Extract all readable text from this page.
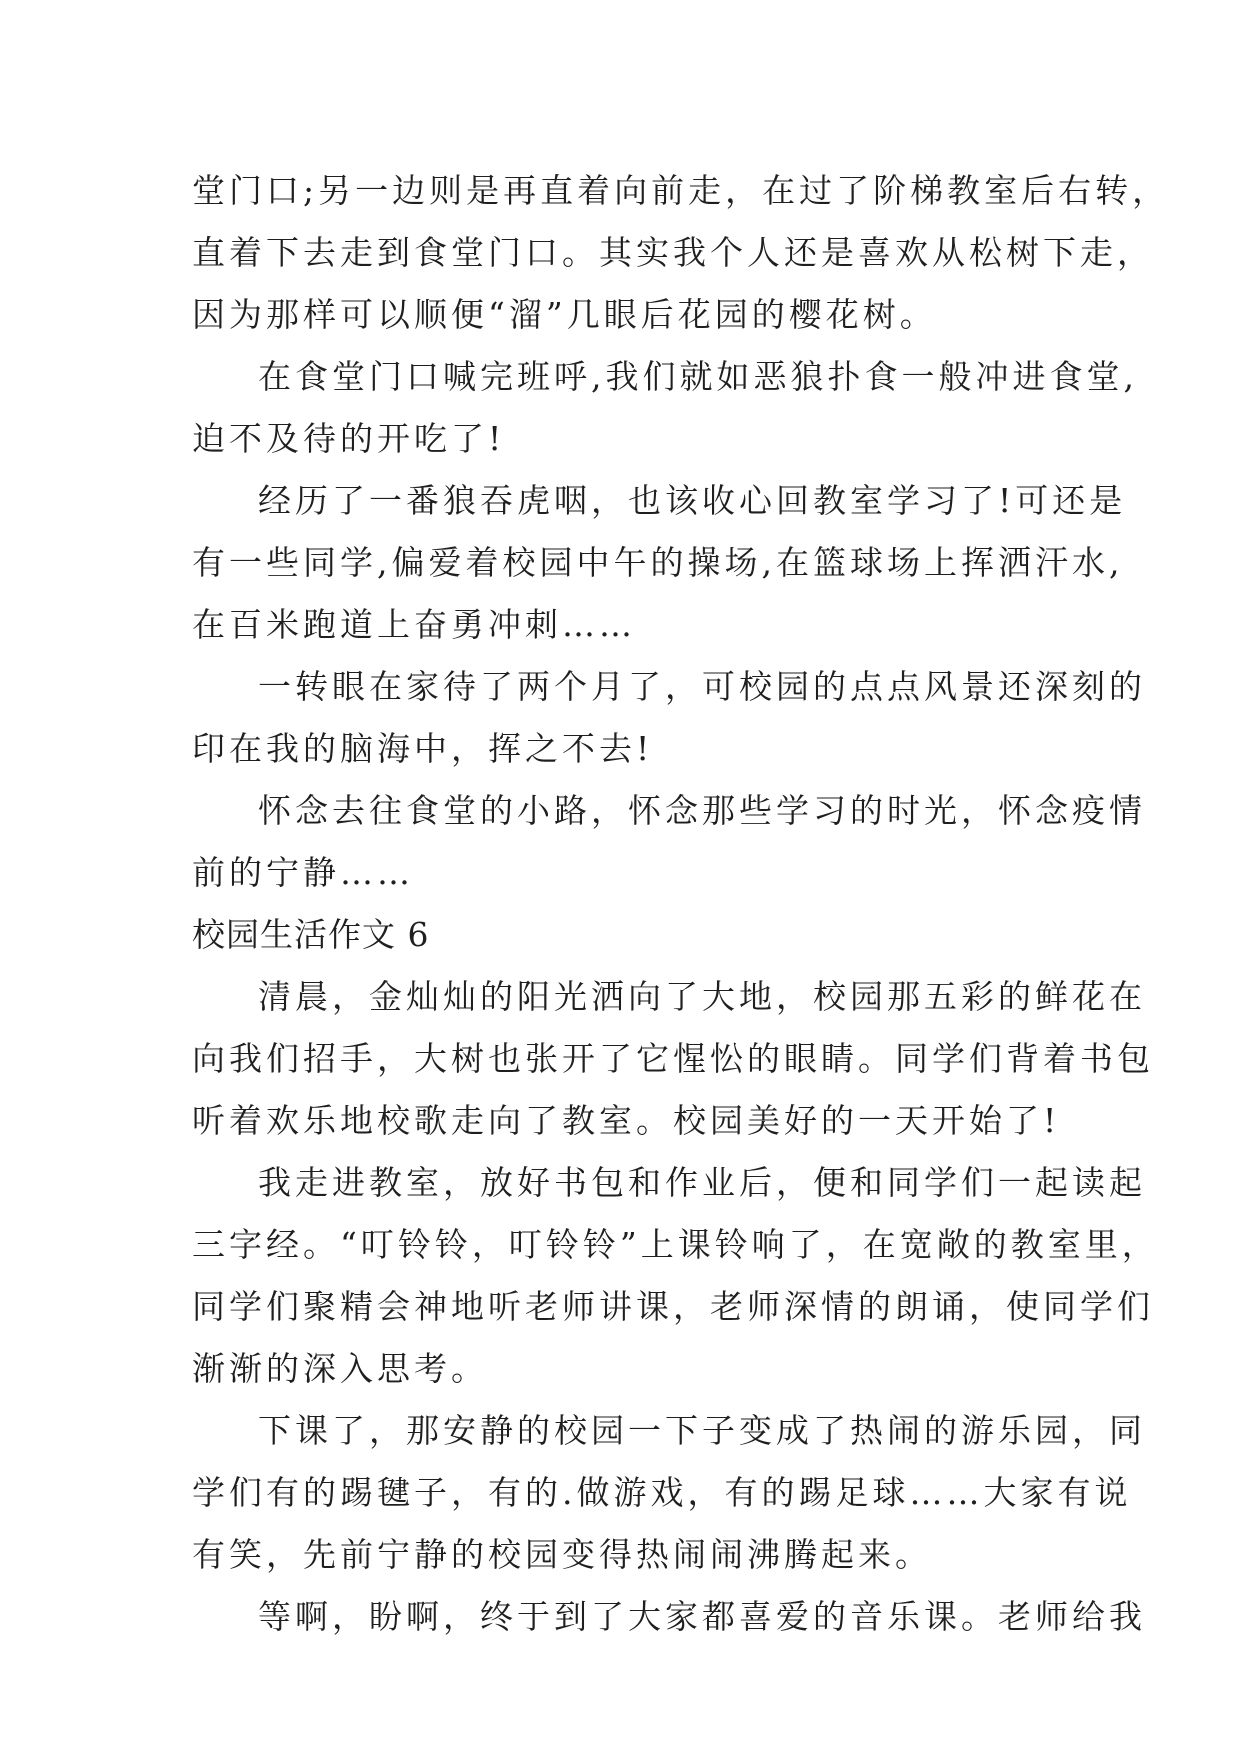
堂门口;另一边则是再直着向前走，在过了阶梯教室后右转，
直着下去走到食堂门口。其实我个人还是喜欢从松树下走，
因为那样可以顺便“溜”几眼后花园的樱花树。
在食堂门口喊完班呼,我们就如恶狼扑食一般冲进食堂,
迫不及待的开吃了!
经历了一番狼吞虎咽，也该收心回教室学习了!可还是
有一些同学,偏爱着校园中午的操场,在篮球场上挥洒汗水,
在百米跑道上奋勇冲刺……
一转眼在家待了两个月了，可校园的点点风景还深刻的
印在我的脑海中，挥之不去!
怀念去往食堂的小路，怀念那些学习的时光，怀念疫情
前的宁静……
校园生活作文 6
清晨，金灿灿的阳光洒向了大地，校园那五彩的鲜花在
向我们招手，大树也张开了它惺忪的眼睛。同学们背着书包
听着欢乐地校歌走向了教室。校园美好的一天开始了!
我走进教室，放好书包和作业后，便和同学们一起读起
三字经。“叮铃铃，叮铃铃”上课铃响了，在宽敞的教室里，
同学们聚精会神地听老师讲课，老师深情的朗诵，使同学们
渐渐的深入思考。
下课了，那安静的校园一下子变成了热闹的游乐园，同
学们有的踢毽子，有的.做游戏，有的踢足球……大家有说
有笑，先前宁静的校园变得热闹闹沸腾起来。
等啊，盼啊，终于到了大家都喜爱的音乐课。老师给我
